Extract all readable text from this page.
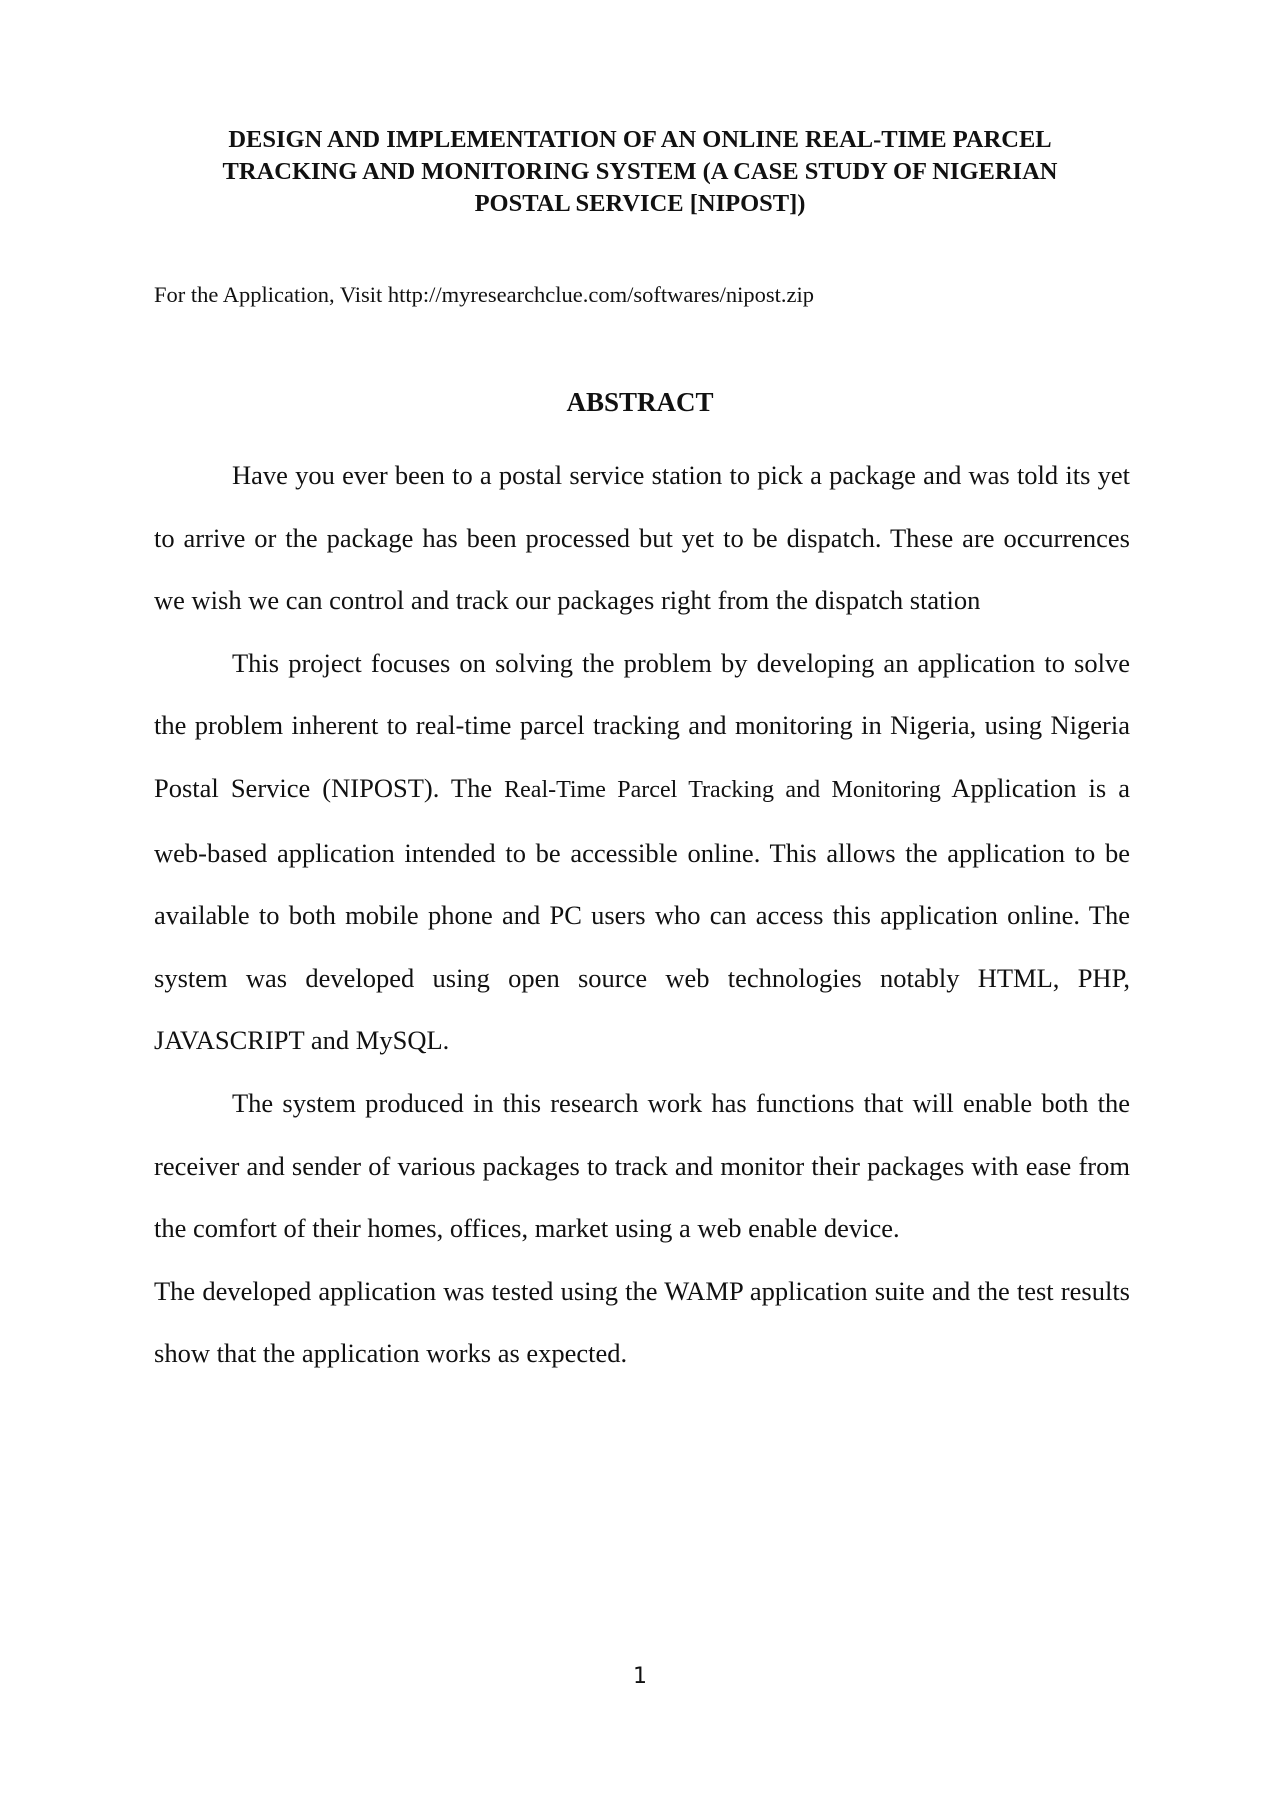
DESIGN AND IMPLEMENTATION OF AN ONLINE REAL-TIME PARCEL TRACKING AND MONITORING SYSTEM (A CASE STUDY OF NIGERIAN POSTAL SERVICE [NIPOST])

For the Application, Visit http://myresearchclue.com/softwares/nipost.zip

ABSTRACT

Have you ever been to a postal service station to pick a package and was told its yet to arrive or the package has been processed but yet to be dispatch. These are occurrences we wish we can control and track our packages right from the dispatch station

This project focuses on solving the problem by developing an application to solve the problem inherent to real-time parcel tracking and monitoring in Nigeria, using Nigeria Postal Service (NIPOST). The Real-Time Parcel Tracking and Monitoring Application is a web-based application intended to be accessible online. This allows the application to be available to both mobile phone and PC users who can access this application online. The system was developed using open source web technologies notably HTML, PHP, JAVASCRIPT and MySQL.

The system produced in this research work has functions that will enable both the receiver and sender of various packages to track and monitor their packages with ease from the comfort of their homes, offices, market using a web enable device.

The developed application was tested using the WAMP application suite and the test results show that the application works as expected.

1
